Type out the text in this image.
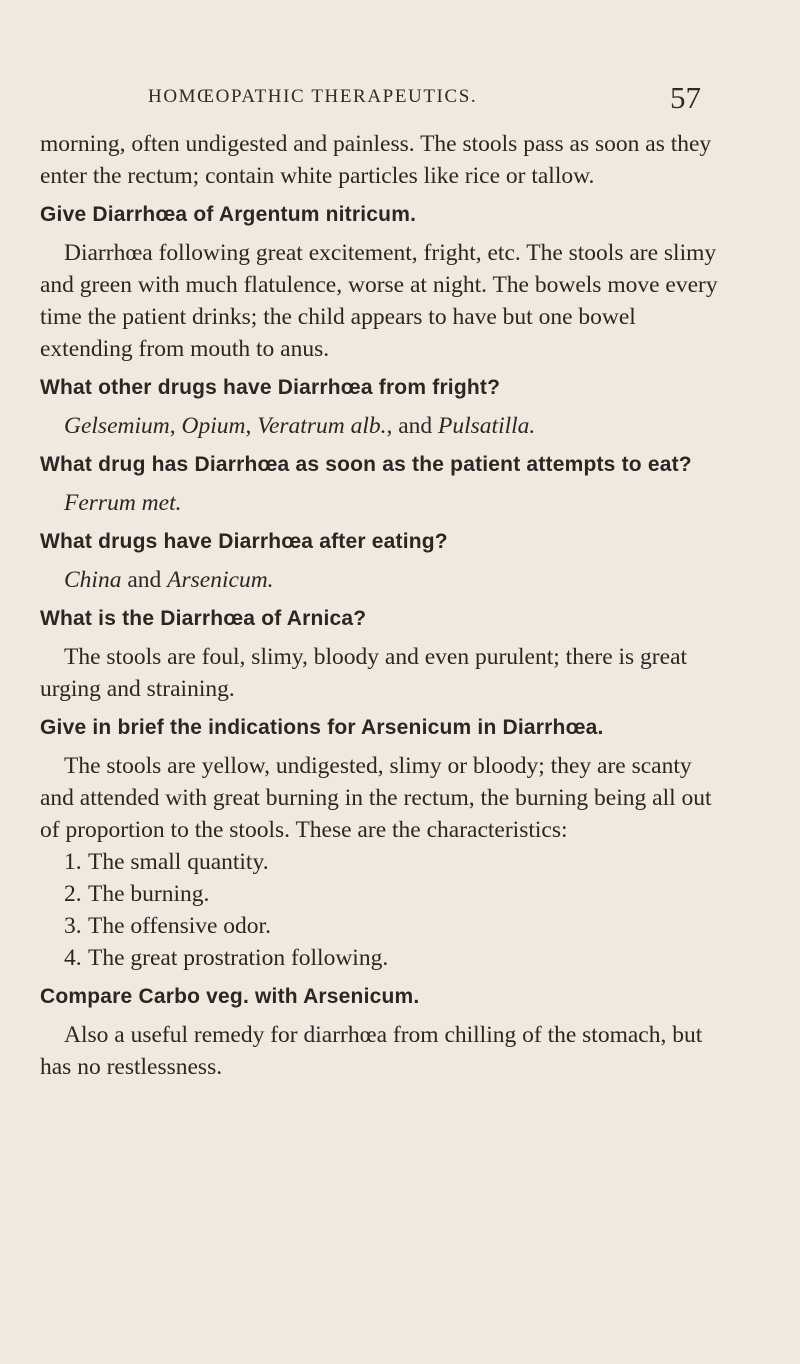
HOMŒOPATHIC THERAPEUTICS.	57

morning, often undigested and painless. The stools pass as soon as they enter the rectum; contain white particles like rice or tallow.

Give Diarrhœa of Argentum nitricum.

Diarrhœa following great excitement, fright, etc. The stools are slimy and green with much flatulence, worse at night. The bowels move every time the patient drinks; the child appears to have but one bowel extending from mouth to anus.

What other drugs have Diarrhœa from fright?

Gelsemium, Opium, Veratrum alb., and Pulsatilla.

What drug has Diarrhœa as soon as the patient attempts to eat?

Ferrum met.

What drugs have Diarrhœa after eating?

China and Arsenicum.

What is the Diarrhœa of Arnica?

The stools are foul, slimy, bloody and even purulent; there is great urging and straining.

Give in brief the indications for Arsenicum in Diarrhœa.

The stools are yellow, undigested, slimy or bloody; they are scanty and attended with great burning in the rectum, the burning being all out of proportion to the stools. These are the characteristics:

1. The small quantity.

2. The burning.

3. The offensive odor.

4. The great prostration following.

Compare Carbo veg. with Arsenicum.

Also a useful remedy for diarrhœa from chilling of the stomach, but has no restlessness.
